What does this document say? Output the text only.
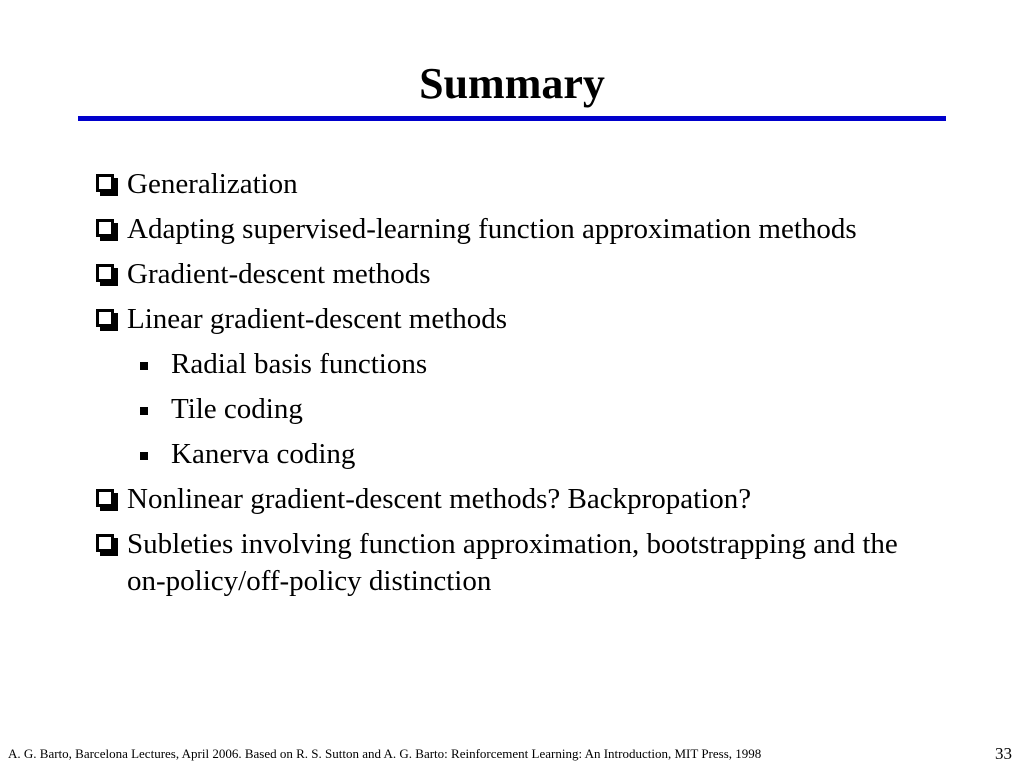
Summary
Generalization
Adapting supervised-learning function approximation methods
Gradient-descent methods
Linear gradient-descent methods
Radial basis functions
Tile coding
Kanerva coding
Nonlinear gradient-descent methods? Backpropation?
Subleties involving function approximation, bootstrapping and the on-policy/off-policy distinction
A. G. Barto, Barcelona Lectures, April 2006. Based on R. S. Sutton and A. G. Barto: Reinforcement Learning: An Introduction, MIT Press, 1998	33
